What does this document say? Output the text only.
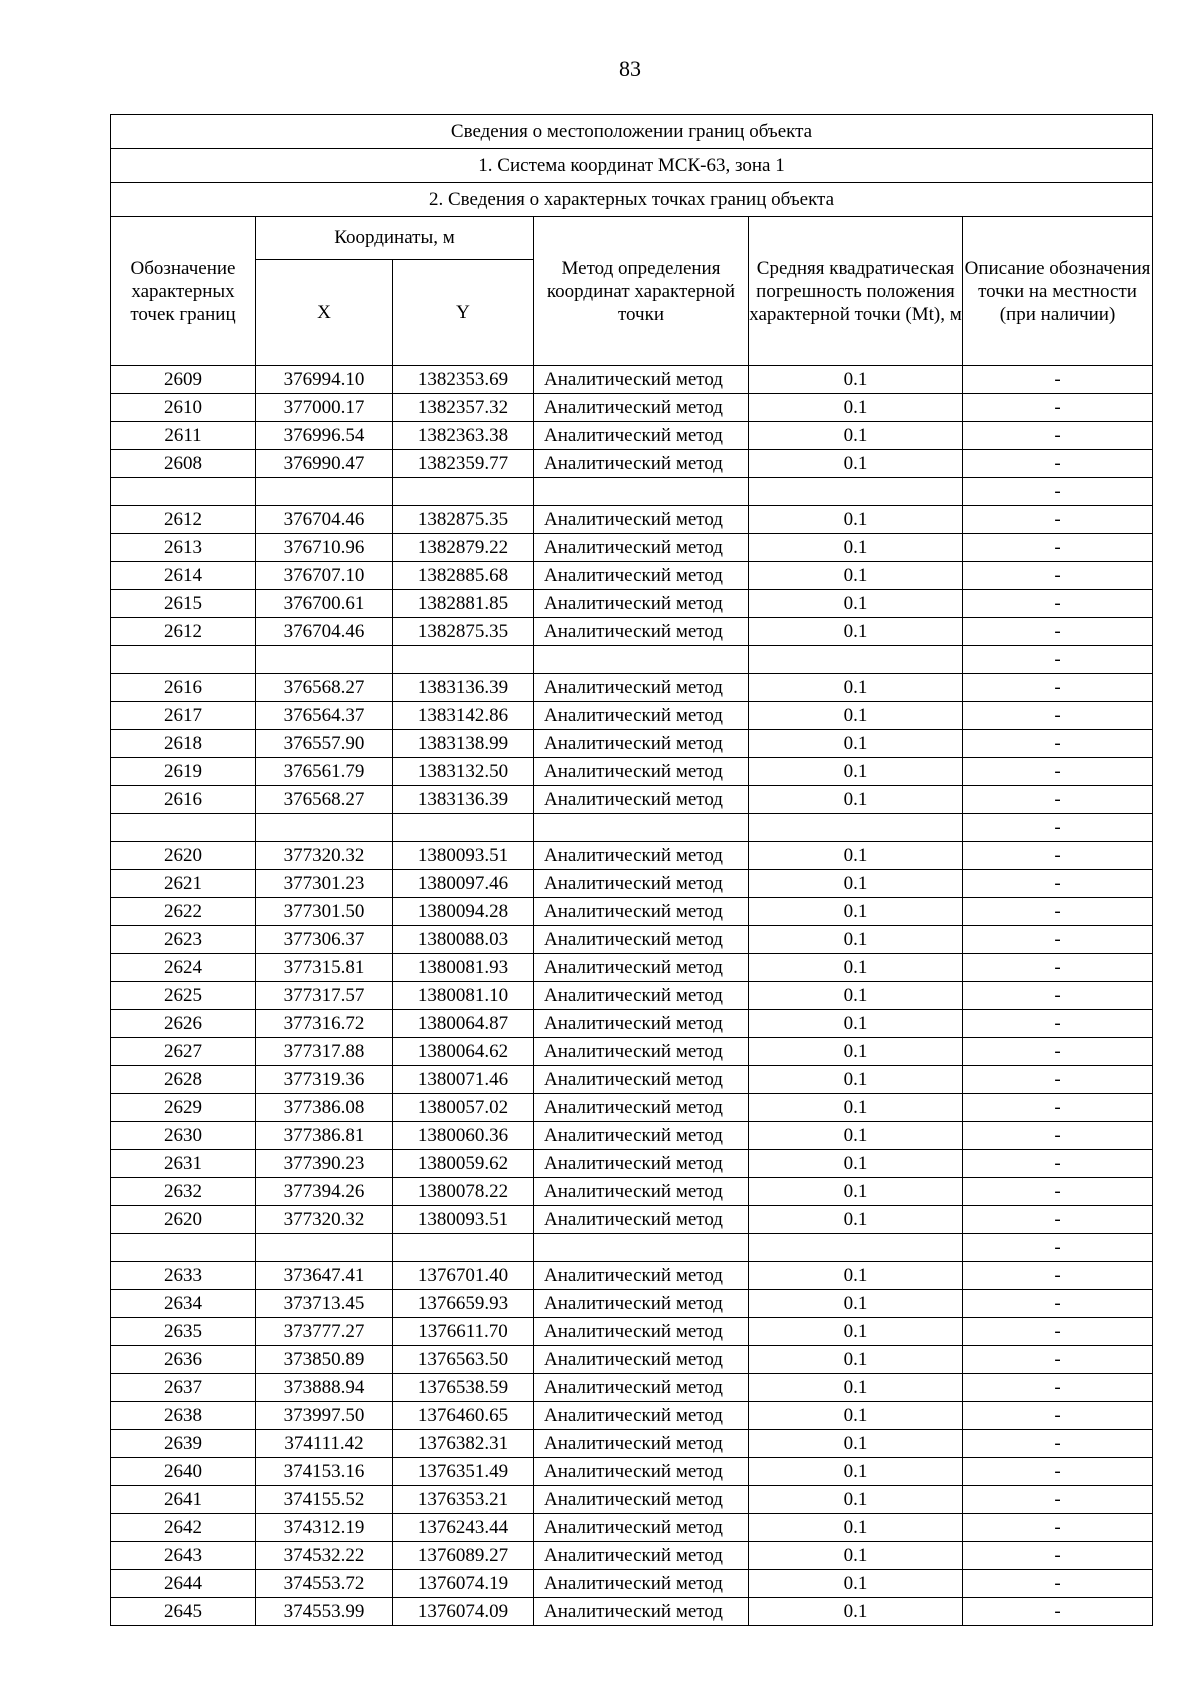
83
Сведения о местоположении границ объекта					
1. Система координат МСК-63, зона 1					
2. Сведения о характерных точках границ объекта					
Обозначение характерных точек границ	Координаты, м		Метод определения координат характерной точки	Средняя квадратическая погрешность положения характерной точки (Mt), м	Описание обозначения точки на местности (при наличии)
	X	Y			
2609	376994.10	1382353.69	Аналитический метод	0.1	-
2610	377000.17	1382357.32	Аналитический метод	0.1	-
2611	376996.54	1382363.38	Аналитический метод	0.1	-
2608	376990.47	1382359.77	Аналитический метод	0.1	-
					-
2612	376704.46	1382875.35	Аналитический метод	0.1	-
2613	376710.96	1382879.22	Аналитический метод	0.1	-
2614	376707.10	1382885.68	Аналитический метод	0.1	-
2615	376700.61	1382881.85	Аналитический метод	0.1	-
2612	376704.46	1382875.35	Аналитический метод	0.1	-
					-
2616	376568.27	1383136.39	Аналитический метод	0.1	-
2617	376564.37	1383142.86	Аналитический метод	0.1	-
2618	376557.90	1383138.99	Аналитический метод	0.1	-
2619	376561.79	1383132.50	Аналитический метод	0.1	-
2616	376568.27	1383136.39	Аналитический метод	0.1	-
					-
2620	377320.32	1380093.51	Аналитический метод	0.1	-
2621	377301.23	1380097.46	Аналитический метод	0.1	-
2622	377301.50	1380094.28	Аналитический метод	0.1	-
2623	377306.37	1380088.03	Аналитический метод	0.1	-
2624	377315.81	1380081.93	Аналитический метод	0.1	-
2625	377317.57	1380081.10	Аналитический метод	0.1	-
2626	377316.72	1380064.87	Аналитический метод	0.1	-
2627	377317.88	1380064.62	Аналитический метод	0.1	-
2628	377319.36	1380071.46	Аналитический метод	0.1	-
2629	377386.08	1380057.02	Аналитический метод	0.1	-
2630	377386.81	1380060.36	Аналитический метод	0.1	-
2631	377390.23	1380059.62	Аналитический метод	0.1	-
2632	377394.26	1380078.22	Аналитический метод	0.1	-
2620	377320.32	1380093.51	Аналитический метод	0.1	-
					-
2633	373647.41	1376701.40	Аналитический метод	0.1	-
2634	373713.45	1376659.93	Аналитический метод	0.1	-
2635	373777.27	1376611.70	Аналитический метод	0.1	-
2636	373850.89	1376563.50	Аналитический метод	0.1	-
2637	373888.94	1376538.59	Аналитический метод	0.1	-
2638	373997.50	1376460.65	Аналитический метод	0.1	-
2639	374111.42	1376382.31	Аналитический метод	0.1	-
2640	374153.16	1376351.49	Аналитический метод	0.1	-
2641	374155.52	1376353.21	Аналитический метод	0.1	-
2642	374312.19	1376243.44	Аналитический метод	0.1	-
2643	374532.22	1376089.27	Аналитический метод	0.1	-
2644	374553.72	1376074.19	Аналитический метод	0.1	-
2645	374553.99	1376074.09	Аналитический метод	0.1	-
